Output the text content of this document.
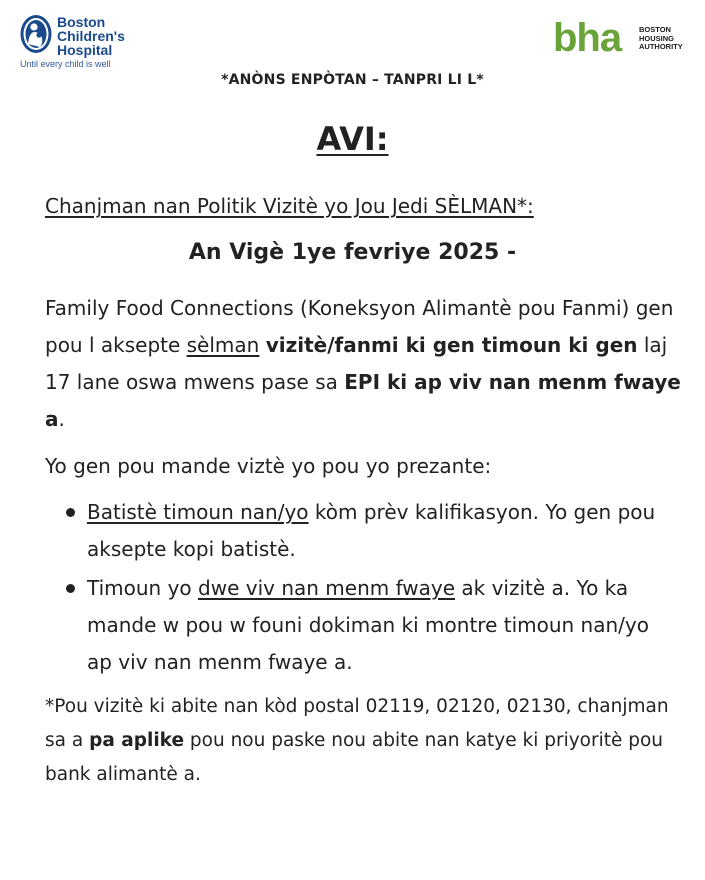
Boston
Children's
Hospital
Until every child is well
bha BOSTON
HOUSING
AUTHORITY
*ANÒNS ENPÒTAN – TANPRI LI L*
AVI:
Chanjman nan Politik Vizitè yo Jou Jedi SÈLMAN*:
An Vigè 1ye fevriye 2025 -
Family Food Connections (Koneksyon Alimantè pou Fanmi) gen pou l aksepte sèlman vizitè/fanmi ki gen timoun ki gen laj 17 lane oswa mwens pase sa EPI ki ap viv nan menm fwaye a.
Yo gen pou mande viztè yo pou yo prezante:
Batistè timoun nan/yo kòm prèv kalifikasyon. Yo gen pou aksepte kopi batistè.
Timoun yo dwe viv nan menm fwaye ak vizitè a. Yo ka mande w pou w founi dokiman ki montre timoun nan/yo ap viv nan menm fwaye a.
*Pou vizitè ki abite nan kòd postal 02119, 02120, 02130, chanjman sa a pa aplike pou nou paske nou abite nan katye ki priyoritè pou bank alimantè a.
